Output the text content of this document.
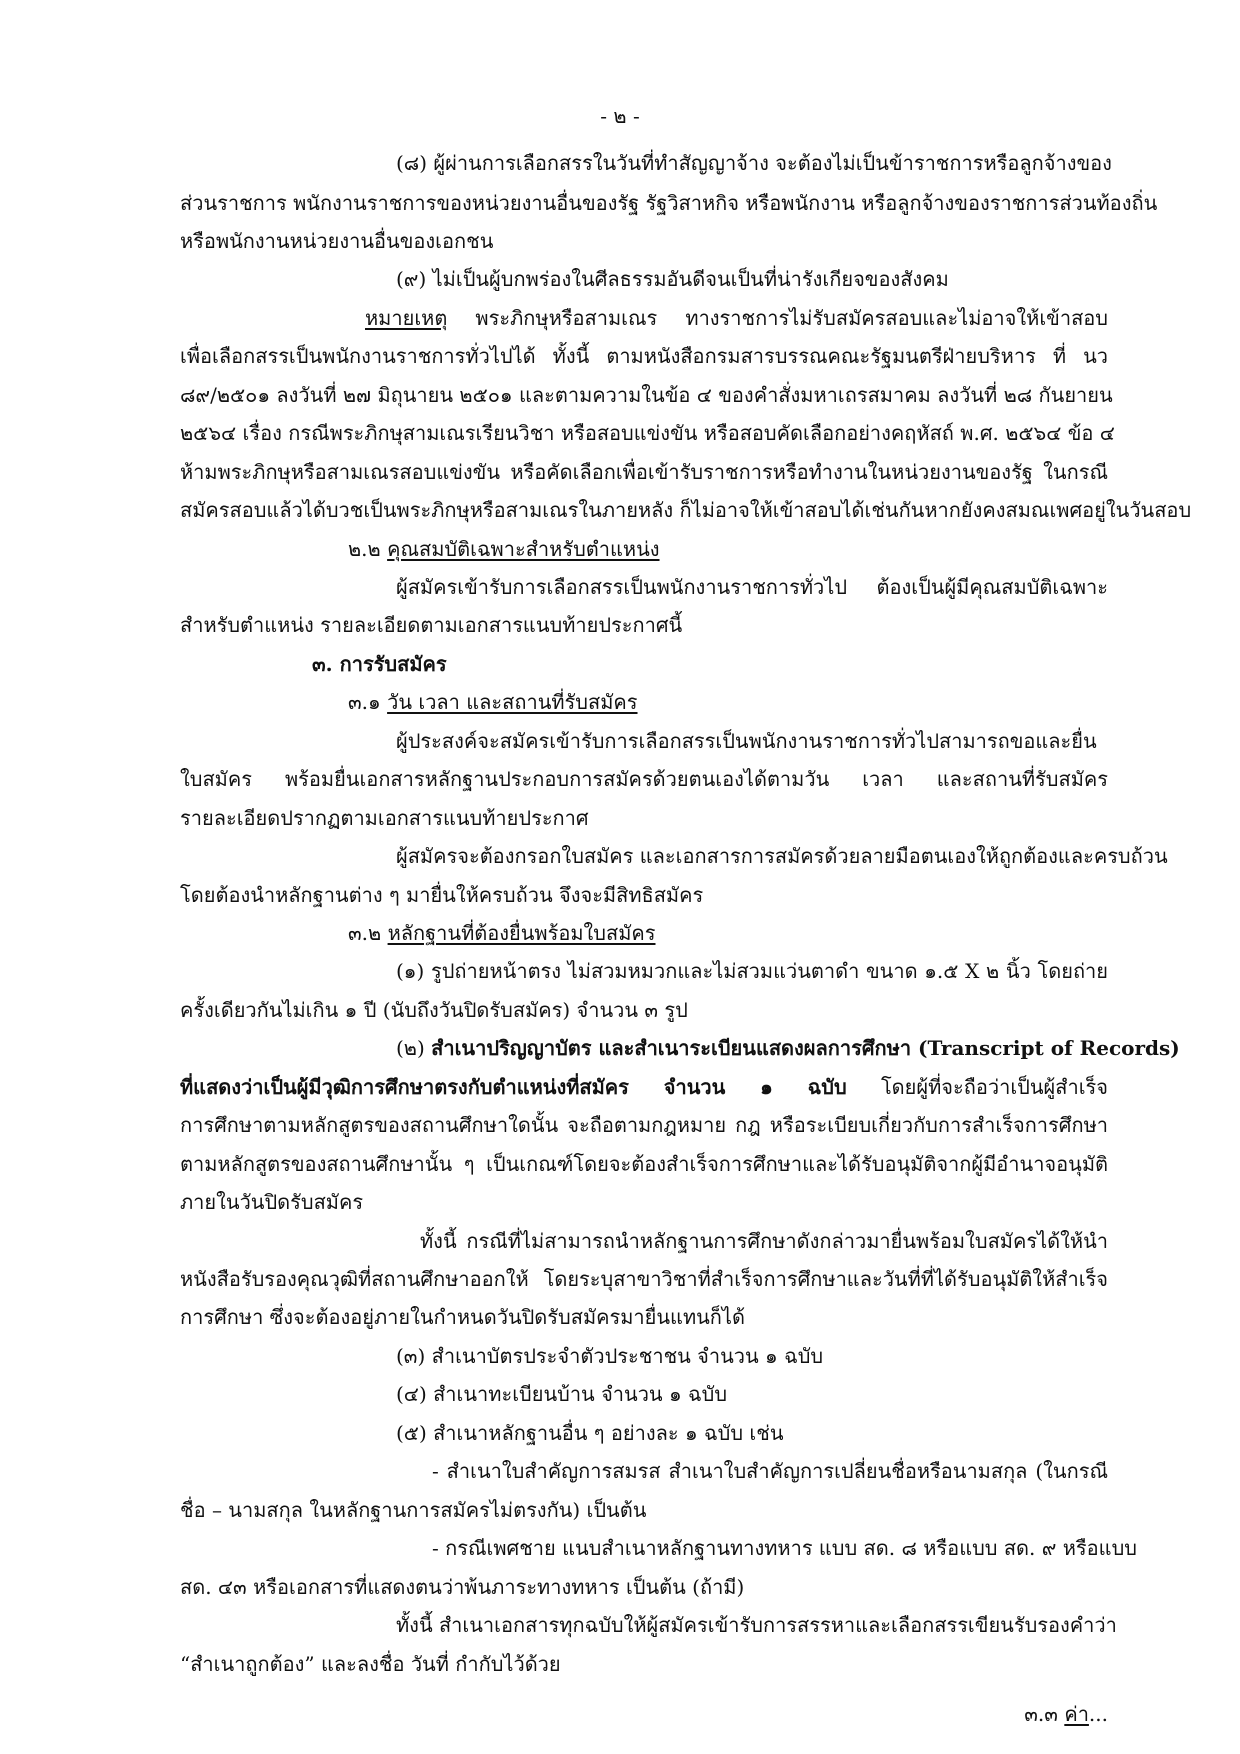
- ๒ -
(๘) ผู้ผ่านการเลือกสรรในวันที่ทำสัญญาจ้าง จะต้องไม่เป็นข้าราชการหรือลูกจ้างของ
ส่วนราชการ พนักงานราชการของหน่วยงานอื่นของรัฐ รัฐวิสาหกิจ หรือพนักงาน หรือลูกจ้างของราชการส่วนท้องถิ่น
หรือพนักงานหน่วยงานอื่นของเอกชน
(๙) ไม่เป็นผู้บกพร่องในศีลธรรมอันดีจนเป็นที่น่ารังเกียจของสังคม
หมายเหตุ พระภิกษุหรือสามเณร ทางราชการไม่รับสมัครสอบและไม่อาจให้เข้าสอบ
เพื่อเลือกสรรเป็นพนักงานราชการทั่วไปได้ ทั้งนี้ ตามหนังสือกรมสารบรรณคณะรัฐมนตรีฝ่ายบริหาร ที่ นว
๘๙/๒๕๐๑ ลงวันที่ ๒๗ มิถุนายน ๒๕๐๑ และตามความในข้อ ๔ ของคำสั่งมหาเถรสมาคม ลงวันที่ ๒๘ กันยายน
๒๕๖๔ เรื่อง กรณีพระภิกษุสามเณรเรียนวิชา หรือสอบแข่งขัน หรือสอบคัดเลือกอย่างคฤหัสถ์ พ.ศ. ๒๕๖๔ ข้อ ๔
ห้ามพระภิกษุหรือสามเณรสอบแข่งขัน หรือคัดเลือกเพื่อเข้ารับราชการหรือทำงานในหน่วยงานของรัฐ ในกรณี
สมัครสอบแล้วได้บวชเป็นพระภิกษุหรือสามเณรในภายหลัง ก็ไม่อาจให้เข้าสอบได้เช่นกันหากยังคงสมณเพศอยู่ในวันสอบ
๒.๒ คุณสมบัติเฉพาะสำหรับตำแหน่ง
ผู้สมัครเข้ารับการเลือกสรรเป็นพนักงานราชการทั่วไป ต้องเป็นผู้มีคุณสมบัติเฉพาะ
สำหรับตำแหน่ง รายละเอียดตามเอกสารแนบท้ายประกาศนี้
๓. การรับสมัคร
๓.๑ วัน เวลา และสถานที่รับสมัคร
ผู้ประสงค์จะสมัครเข้ารับการเลือกสรรเป็นพนักงานราชการทั่วไปสามารถขอและยื่น
ใบสมัคร พร้อมยื่นเอกสารหลักฐานประกอบการสมัครด้วยตนเองได้ตามวัน เวลา และสถานที่รับสมัคร
รายละเอียดปรากฏตามเอกสารแนบท้ายประกาศ
ผู้สมัครจะต้องกรอกใบสมัคร และเอกสารการสมัครด้วยลายมือตนเองให้ถูกต้องและครบถ้วน
โดยต้องนำหลักฐานต่าง ๆ มายื่นให้ครบถ้วน จึงจะมีสิทธิสมัคร
๓.๒ หลักฐานที่ต้องยื่นพร้อมใบสมัคร
(๑) รูปถ่ายหน้าตรง ไม่สวมหมวกและไม่สวมแว่นตาดำ ขนาด ๑.๕ X ๒ นิ้ว โดยถ่าย
ครั้งเดียวกันไม่เกิน ๑ ปี (นับถึงวันปิดรับสมัคร) จำนวน ๓ รูป
(๒) สำเนาปริญญาบัตร และสำเนาระเบียนแสดงผลการศึกษา (Transcript of Records)
ที่แสดงว่าเป็นผู้มีวุฒิการศึกษาตรงกับตำแหน่งที่สมัคร จำนวน ๑ ฉบับ โดยผู้ที่จะถือว่าเป็นผู้สำเร็จ
การศึกษาตามหลักสูตรของสถานศึกษาใดนั้น จะถือตามกฎหมาย กฎ หรือระเบียบเกี่ยวกับการสำเร็จการศึกษา
ตามหลักสูตรของสถานศึกษานั้น ๆ เป็นเกณฑ์โดยจะต้องสำเร็จการศึกษาและได้รับอนุมัติจากผู้มีอำนาจอนุมัติ
ภายในวันปิดรับสมัคร
ทั้งนี้ กรณีที่ไม่สามารถนำหลักฐานการศึกษาดังกล่าวมายื่นพร้อมใบสมัครได้ให้นำ
หนังสือรับรองคุณวุฒิที่สถานศึกษาออกให้ โดยระบุสาขาวิชาที่สำเร็จการศึกษาและวันที่ที่ได้รับอนุมัติให้สำเร็จ
การศึกษา ซึ่งจะต้องอยู่ภายในกำหนดวันปิดรับสมัครมายื่นแทนก็ได้
(๓) สำเนาบัตรประจำตัวประชาชน จำนวน ๑ ฉบับ
(๔) สำเนาทะเบียนบ้าน จำนวน ๑ ฉบับ
(๕) สำเนาหลักฐานอื่น ๆ อย่างละ ๑ ฉบับ เช่น
- สำเนาใบสำคัญการสมรส สำเนาใบสำคัญการเปลี่ยนชื่อหรือนามสกุล (ในกรณี
ชื่อ – นามสกุล ในหลักฐานการสมัครไม่ตรงกัน) เป็นต้น
- กรณีเพศชาย แนบสำเนาหลักฐานทางทหาร แบบ สด. ๘ หรือแบบ สด. ๙ หรือแบบ
สด. ๔๓ หรือเอกสารที่แสดงตนว่าพ้นภาระทางทหาร เป็นต้น (ถ้ามี)
ทั้งนี้ สำเนาเอกสารทุกฉบับให้ผู้สมัครเข้ารับการสรรหาและเลือกสรรเขียนรับรองคำว่า
“สำเนาถูกต้อง” และลงชื่อ วันที่ กำกับไว้ด้วย
๓.๓ ค่า...
